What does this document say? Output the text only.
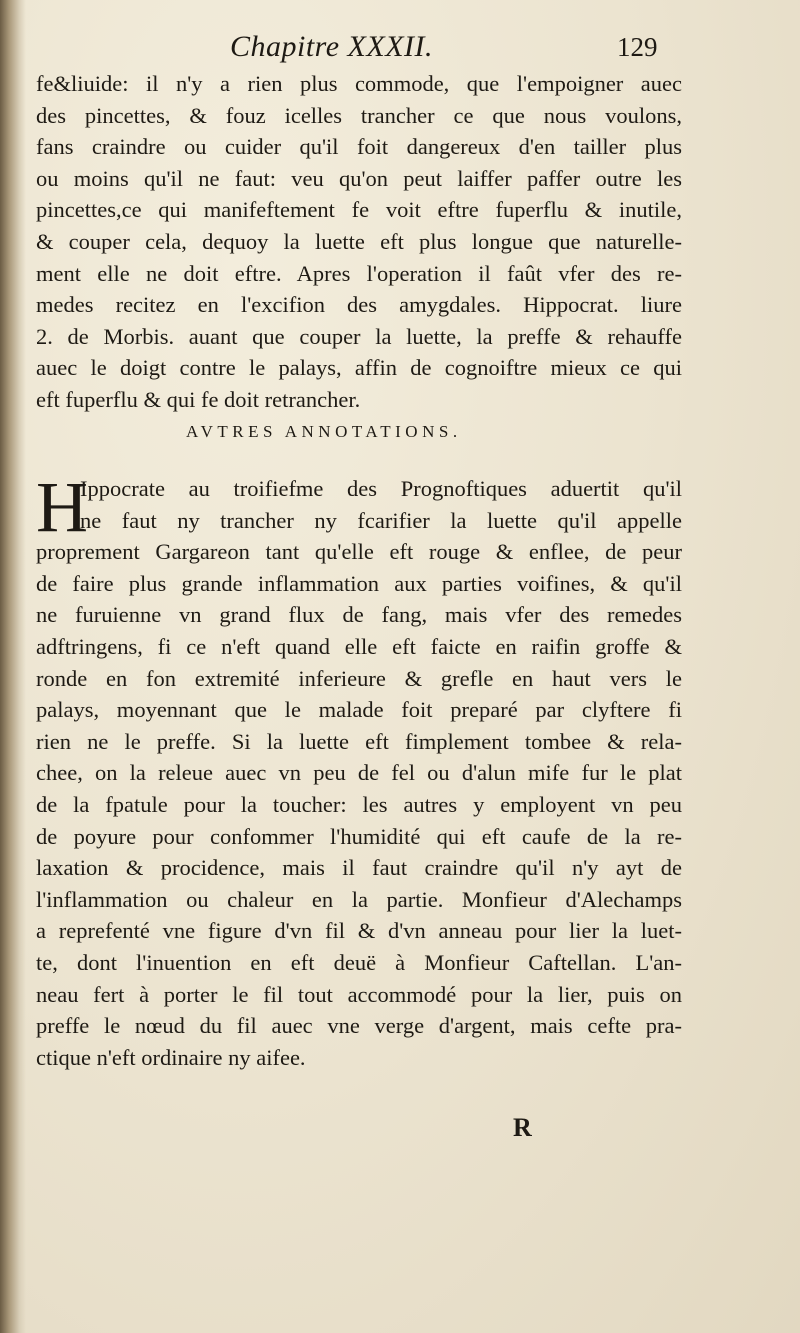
Chapitre XXXII.	129
fe&liuide: il n'y a rien plus commode, que l'empoigner auec
des pincettes, & fouz icelles trancher ce que nous voulons,
fans craindre ou cuider qu'il foit dangereux d'en tailler plus
ou moins qu'il ne faut: veu qu'on peut laiffer paffer outre les
pincettes,ce qui manifeftement fe voit eftre fuperflu & inutile,
& couper cela, dequoy la luette eft plus longue que naturelle-
ment elle ne doit eftre. Apres l'operation il faût vfer des re-
medes recitez en l'excifion des amygdales. Hippocrat. liure
2. de Morbis. auant que couper la luette, la preffe & rehauffe
auec le doigt contre le palays, affin de cognoiftre mieux ce qui
eft fuperflu & qui fe doit retrancher.
AVTRES ANNOTATIONS.
H
Ippocrate au troifiefme des Prognoftiques aduertit qu'il
ne faut ny trancher ny fcarifier la luette qu'il appelle
proprement Gargareon tant qu'elle eft rouge & enflee, de peur
de faire plus grande inflammation aux parties voifines, & qu'il
ne furuienne vn grand flux de fang, mais vfer des remedes
adftringens, fi ce n'eft quand elle eft faicte en raifin groffe &
ronde en fon extremité inferieure & grefle en haut vers le
palays, moyennant que le malade foit preparé par clyftere fi
rien ne le preffe. Si la luette eft fimplement tombee & rela-
chee, on la releue auec vn peu de fel ou d'alun mife fur le plat
de la fpatule pour la toucher: les autres y employent vn peu
de poyure pour confommer l'humidité qui eft caufe de la re-
laxation & procidence, mais il faut craindre qu'il n'y ayt de
l'inflammation ou chaleur en la partie. Monfieur d'Alechamps
a reprefenté vne figure d'vn fil & d'vn anneau pour lier la luet-
te, dont l'inuention en eft deuë à Monfieur Caftellan. L'an-
neau fert à porter le fil tout accommodé pour la lier, puis on
preffe le nœud du fil auec vne verge d'argent, mais cefte pra-
ctique n'eft ordinaire ny aifee.
R
